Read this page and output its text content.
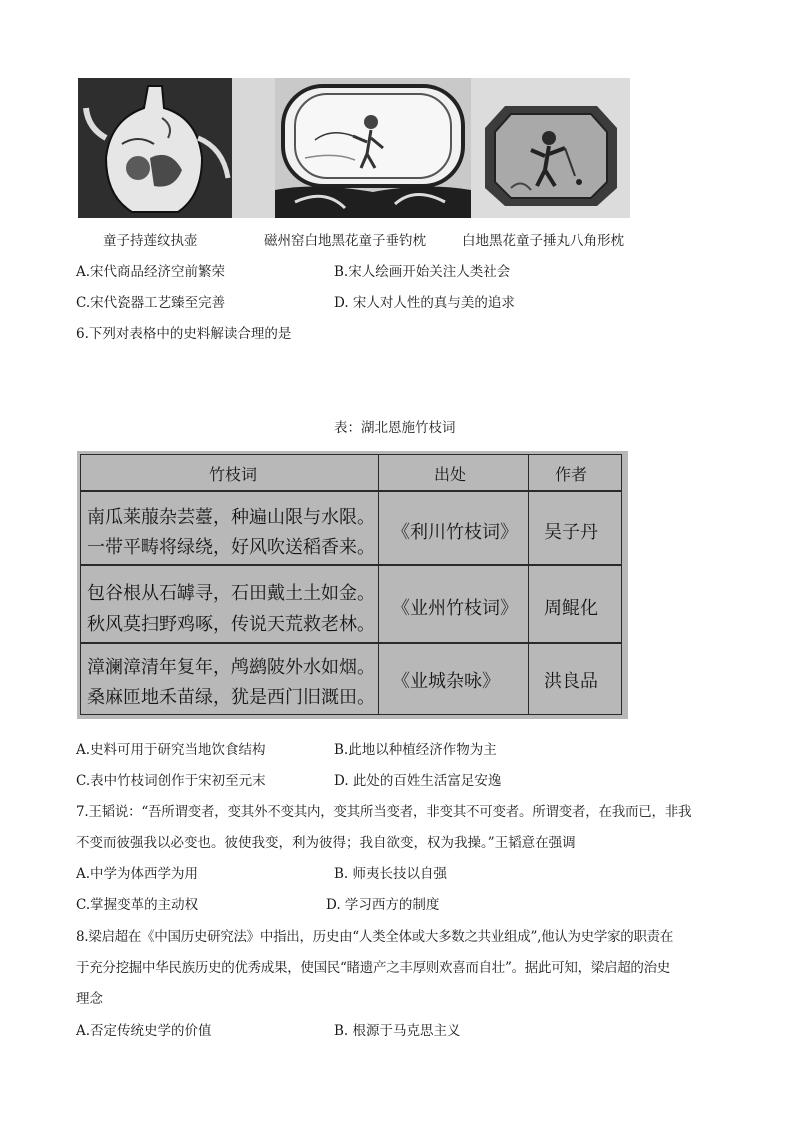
童子持莲纹执壶	磁州窑白地黑花童子垂钓枕	白地黑花童子捶丸八角形枕
A.宋代商品经济空前繁荣	B.宋人绘画开始关注人类社会
C.宋代瓷器工艺臻至完善	D. 宋人对人性的真与美的追求
6.下列对表格中的史料解读合理的是
表：湖北恩施竹枝词
竹枝词	出处	作者
南瓜莱菔杂芸薹，种遍山限与水限。
一带平畴将绿绕，好风吹送稻香来。
《利川竹枝词》 吴子丹
包谷根从石罅寻，石田戴土土如金。
秋风莫扫野鸡啄，传说天荒救老林。
《业州竹枝词》 周鲲化
漳澜漳清年复年，鸬鹚陂外水如烟。
桑麻匝地禾苗绿，犹是西门旧溉田。
《业城杂咏》 洪良品
A.史料可用于研究当地饮食结构	B.此地以种植经济作物为主
C.表中竹枝词创作于宋初至元末	D. 此处的百姓生活富足安逸
7.王韬说：“吾所谓变者，变其外不变其内，变其所当变者，非变其不可变者。所谓变者，在我而已，非我
不变而彼强我以必变也。彼使我变，利为彼得；我自欲变，权为我操。”王韬意在强调
A.中学为体西学为用	B. 师夷长技以自强
C.掌握变革的主动权	D. 学习西方的制度
8.梁启超在《中国历史研究法》中指出，历史由“人类全体或大多数之共业组成”,他认为史学家的职责在
于充分挖掘中华民族历史的优秀成果，使国民“睹遗产之丰厚则欢喜而自壮”。据此可知，梁启超的治史
理念
A.否定传统史学的价值	B. 根源于马克思主义
